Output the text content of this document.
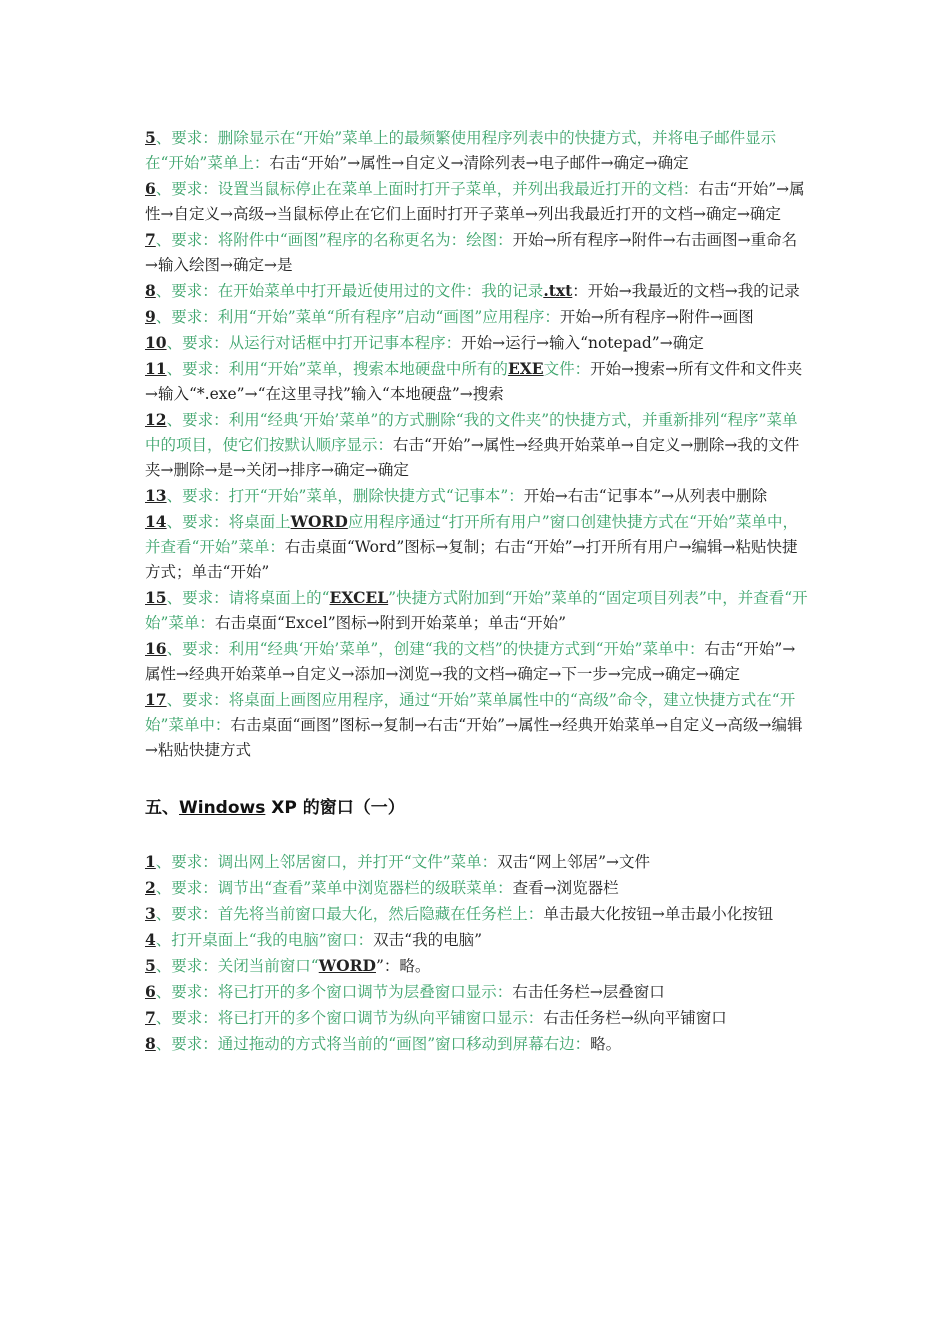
5、要求：删除显示在“开始”菜单上的最频繁使用程序列表中的快捷方式，并将电子邮件显示在“开始”菜单上：右击“开始”→属性→自定义→清除列表→电子邮件→确定→确定

6、要求：设置当鼠标停止在菜单上面时打开子菜单，并列出我最近打开的文档：右击“开始”→属性→自定义→高级→当鼠标停止在它们上面时打开子菜单→列出我最近打开的文档→确定→确定

7、要求：将附件中“画图”程序的名称更名为：绘图：开始→所有程序→附件→右击画图→重命名→输入绘图→确定→是

8、要求：在开始菜单中打开最近使用过的文件：我的记录.txt：开始→我最近的文档→我的记录

9、要求：利用“开始”菜单“所有程序”启动“画图”应用程序：开始→所有程序→附件→画图

10、要求：从运行对话框中打开记事本程序：开始→运行→输入“notepad”→确定

11、要求：利用“开始”菜单，搜索本地硬盘中所有的EXE文件：开始→搜索→所有文件和文件夹→输入“*.exe”→“在这里寻找”输入“本地硬盘”→搜索

12、要求：利用“经典‘开始’菜单”的方式删除“我的文件夹”的快捷方式，并重新排列“程序”菜单中的项目，使它们按默认顺序显示：右击“开始”→属性→经典开始菜单→自定义→删除→我的文件夹→删除→是→关闭→排序→确定→确定

13、要求：打开“开始”菜单，删除快捷方式“记事本”：开始→右击“记事本”→从列表中删除

14、要求：将桌面上WORD应用程序通过“打开所有用户”窗口创建快捷方式在“开始”菜单中，并查看“开始”菜单：右击桌面“Word”图标→复制；右击“开始”→打开所有用户→编辑→粘贴快捷方式；单击“开始”

15、要求：请将桌面上的“EXCEL”快捷方式附加到“开始”菜单的“固定项目列表”中，并查看“开始”菜单：右击桌面“Excel”图标→附到开始菜单；单击“开始”

16、要求：利用“经典‘开始’菜单”，创建“我的文档”的快捷方式到“开始”菜单中：右击“开始”→属性→经典开始菜单→自定义→添加→浏览→我的文档→确定→下一步→完成→确定→确定

17、要求：将桌面上画图应用程序，通过“开始”菜单属性中的“高级”命令，建立快捷方式在“开始”菜单中：右击桌面“画图”图标→复制→右击“开始”→属性→经典开始菜单→自定义→高级→编辑→粘贴快捷方式

五、Windows XP 的窗口（一）

1、要求：调出网上邻居窗口，并打开“文件”菜单：双击“网上邻居”→文件

2、要求：调节出“查看”菜单中浏览器栏的级联菜单：查看→浏览器栏

3、要求：首先将当前窗口最大化，然后隐藏在任务栏上：单击最大化按钮→单击最小化按钮

4、打开桌面上“我的电脑”窗口：双击“我的电脑”

5、要求：关闭当前窗口“WORD”：略。

6、要求：将已打开的多个窗口调节为层叠窗口显示：右击任务栏→层叠窗口

7、要求：将已打开的多个窗口调节为纵向平铺窗口显示：右击任务栏→纵向平铺窗口

8、要求：通过拖动的方式将当前的“画图”窗口移动到屏幕右边：略。
